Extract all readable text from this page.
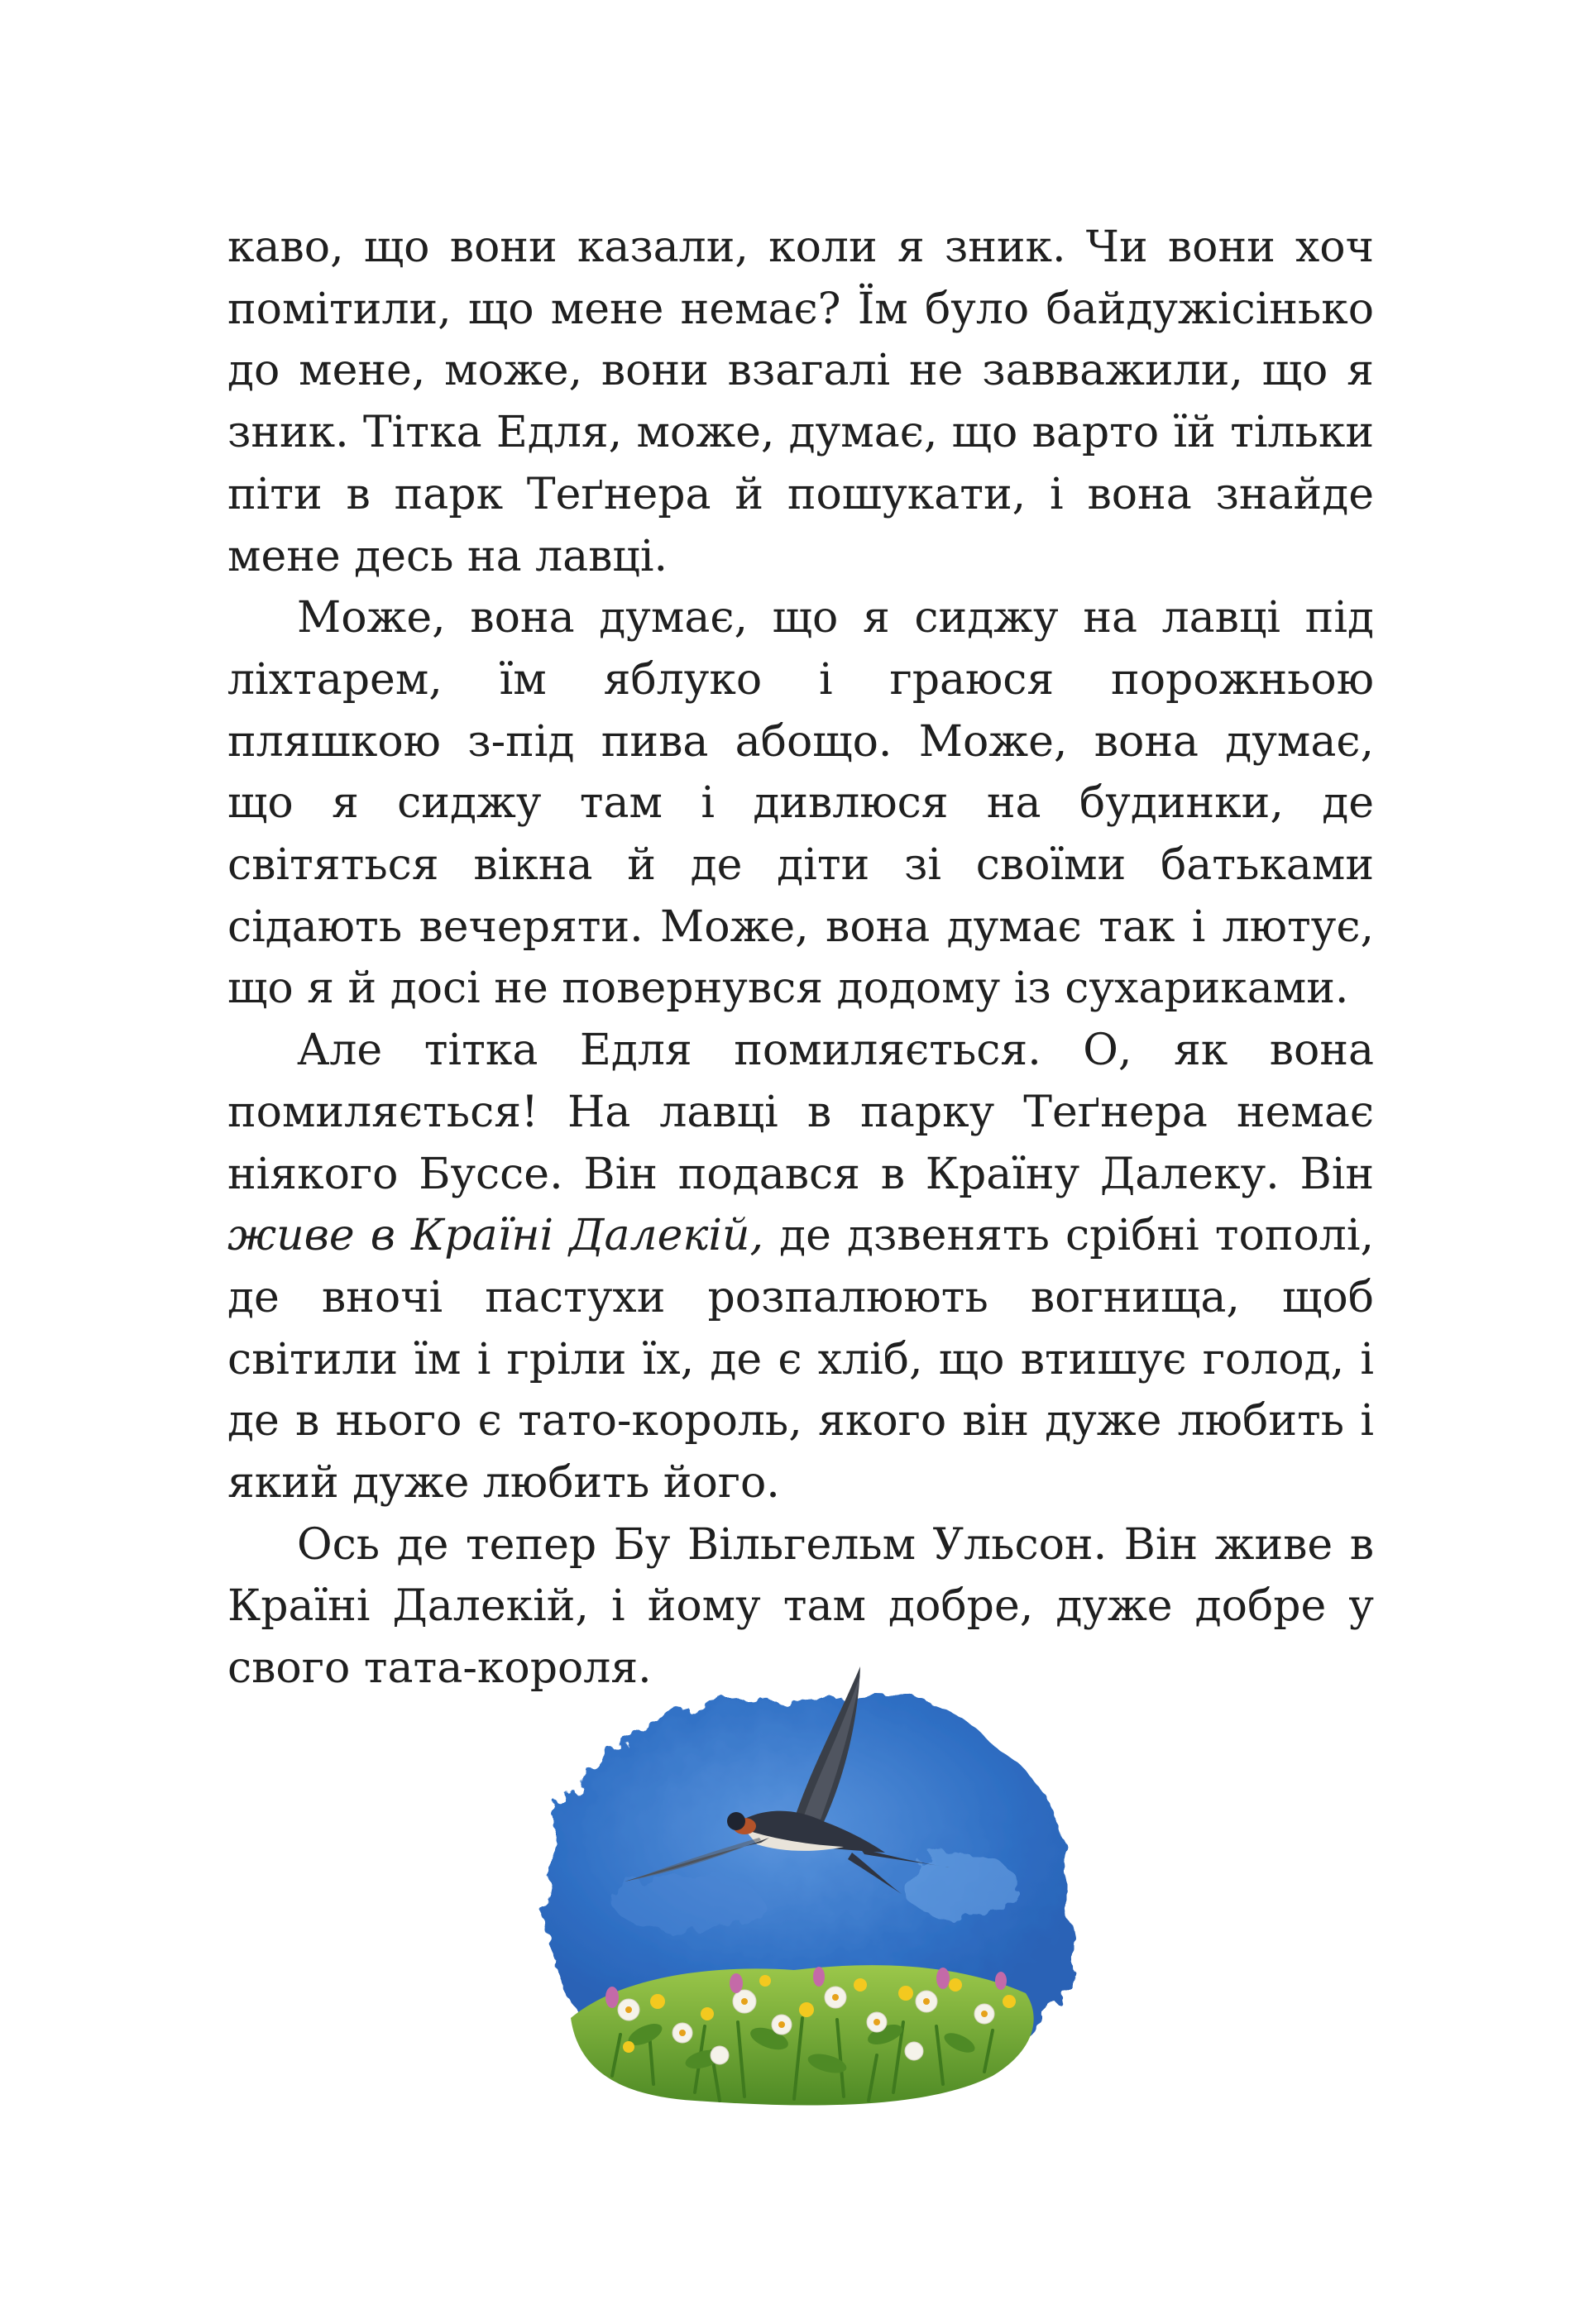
каво, що вони казали, коли я зник. Чи вони хоч помітили, що мене немає? Їм було байдужісінько до мене, може, вони взагалі не завважили, що я зник. Тітка Едля, може, думає, що варто їй тільки піти в парк Теґнера й пошукати, і вона знайде мене десь на лавці.

Може, вона думає, що я сиджу на лавці під ліхтарем, їм яблуко і граюся порожньою пляшкою з-під пива абощо. Може, вона думає, що я сиджу там і дивлюся на будинки, де світяться вікна й де діти зі своїми батьками сідають вечеряти. Може, вона думає так і лютує, що я й досі не повернувся додому із сухариками.

Але тітка Едля помиляється. О, як вона помиляється! На лавці в парку Теґнера немає ніякого Буссе. Він подався в Країну Далеку. Він живе в Країні Далекій, де дзвенять срібні тополі, де вночі пастухи розпалюють вогнища, щоб світили їм і гріли їх, де є хліб, що втишує голод, і де в нього є тато-король, якого він дуже любить і який дуже любить його.

Ось де тепер Бу Вільгельм Ульсон. Він живе в Країні Далекій, і йому там добре, дуже добре у свого тата-короля.
